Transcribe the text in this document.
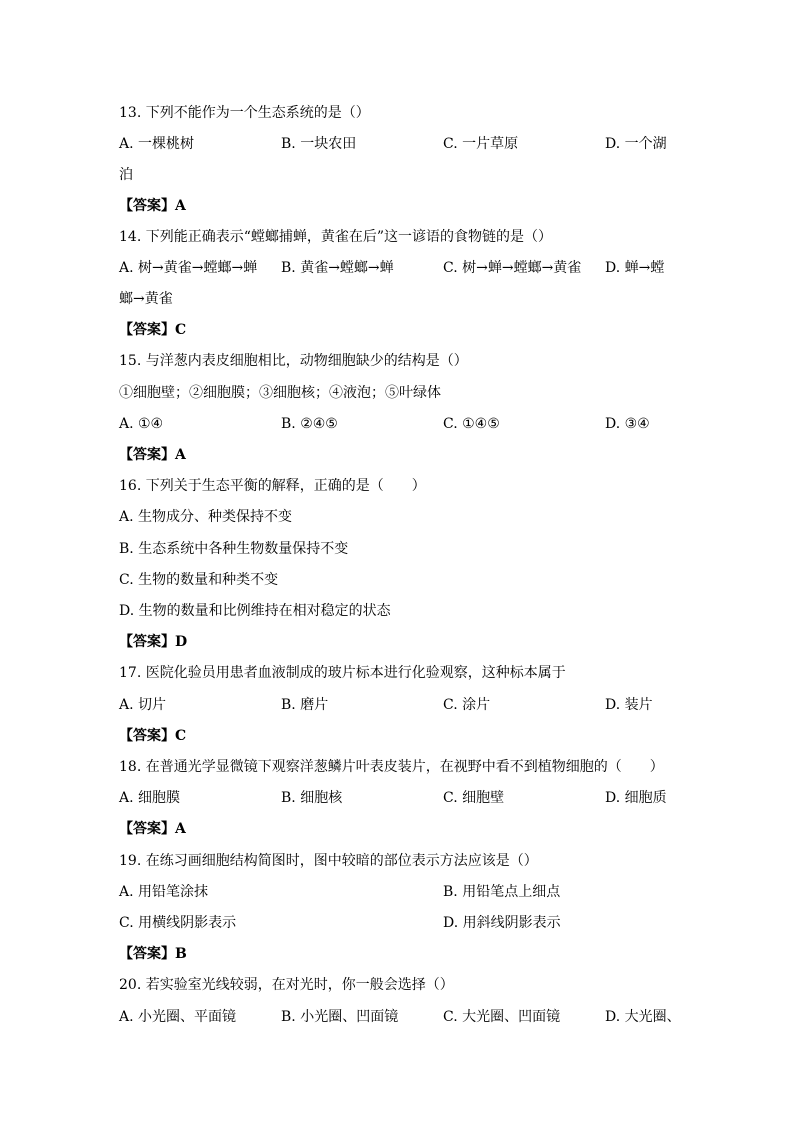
13. 下列不能作为一个生态系统的是（）
A. 一棵桃树	B. 一块农田	C. 一片草原	D. 一个湖
泊
【答案】A
14. 下列能正确表示“螳螂捕蝉，黄雀在后”这一谚语的食物链的是（）
A. 树→黄雀→螳螂→蝉 B. 黄雀→螳螂→蝉	C. 树→蝉→螳螂→黄雀 D. 蝉→螳
螂→黄雀
【答案】C
15. 与洋葱内表皮细胞相比，动物细胞缺少的结构是（）
①细胞壁；②细胞膜；③细胞核；④液泡；⑤叶绿体
A. ①④	B. ②④⑤	C. ①④⑤	D. ③④
【答案】A
16. 下列关于生态平衡的解释，正确的是（　　）
A. 生物成分、种类保持不变
B. 生态系统中各种生物数量保持不变
C. 生物的数量和种类不变
D. 生物的数量和比例维持在相对稳定的状态
【答案】D
17. 医院化验员用患者血液制成的玻片标本进行化验观察，这种标本属于
A. 切片	B. 磨片	C. 涂片	D. 装片
【答案】C
18. 在普通光学显微镜下观察洋葱鳞片叶表皮装片，在视野中看不到植物细胞的（　　）
A. 细胞膜	B. 细胞核	C. 细胞壁	D. 细胞质
【答案】A
19. 在练习画细胞结构简图时，图中较暗的部位表示方法应该是（）
A. 用铅笔涂抹	B. 用铅笔点上细点
C. 用横线阴影表示	D. 用斜线阴影表示
【答案】B
20. 若实验室光线较弱，在对光时，你一般会选择（）
A. 小光圈、平面镜	B. 小光圈、凹面镜	C. 大光圈、凹面镜	D. 大光圈、
